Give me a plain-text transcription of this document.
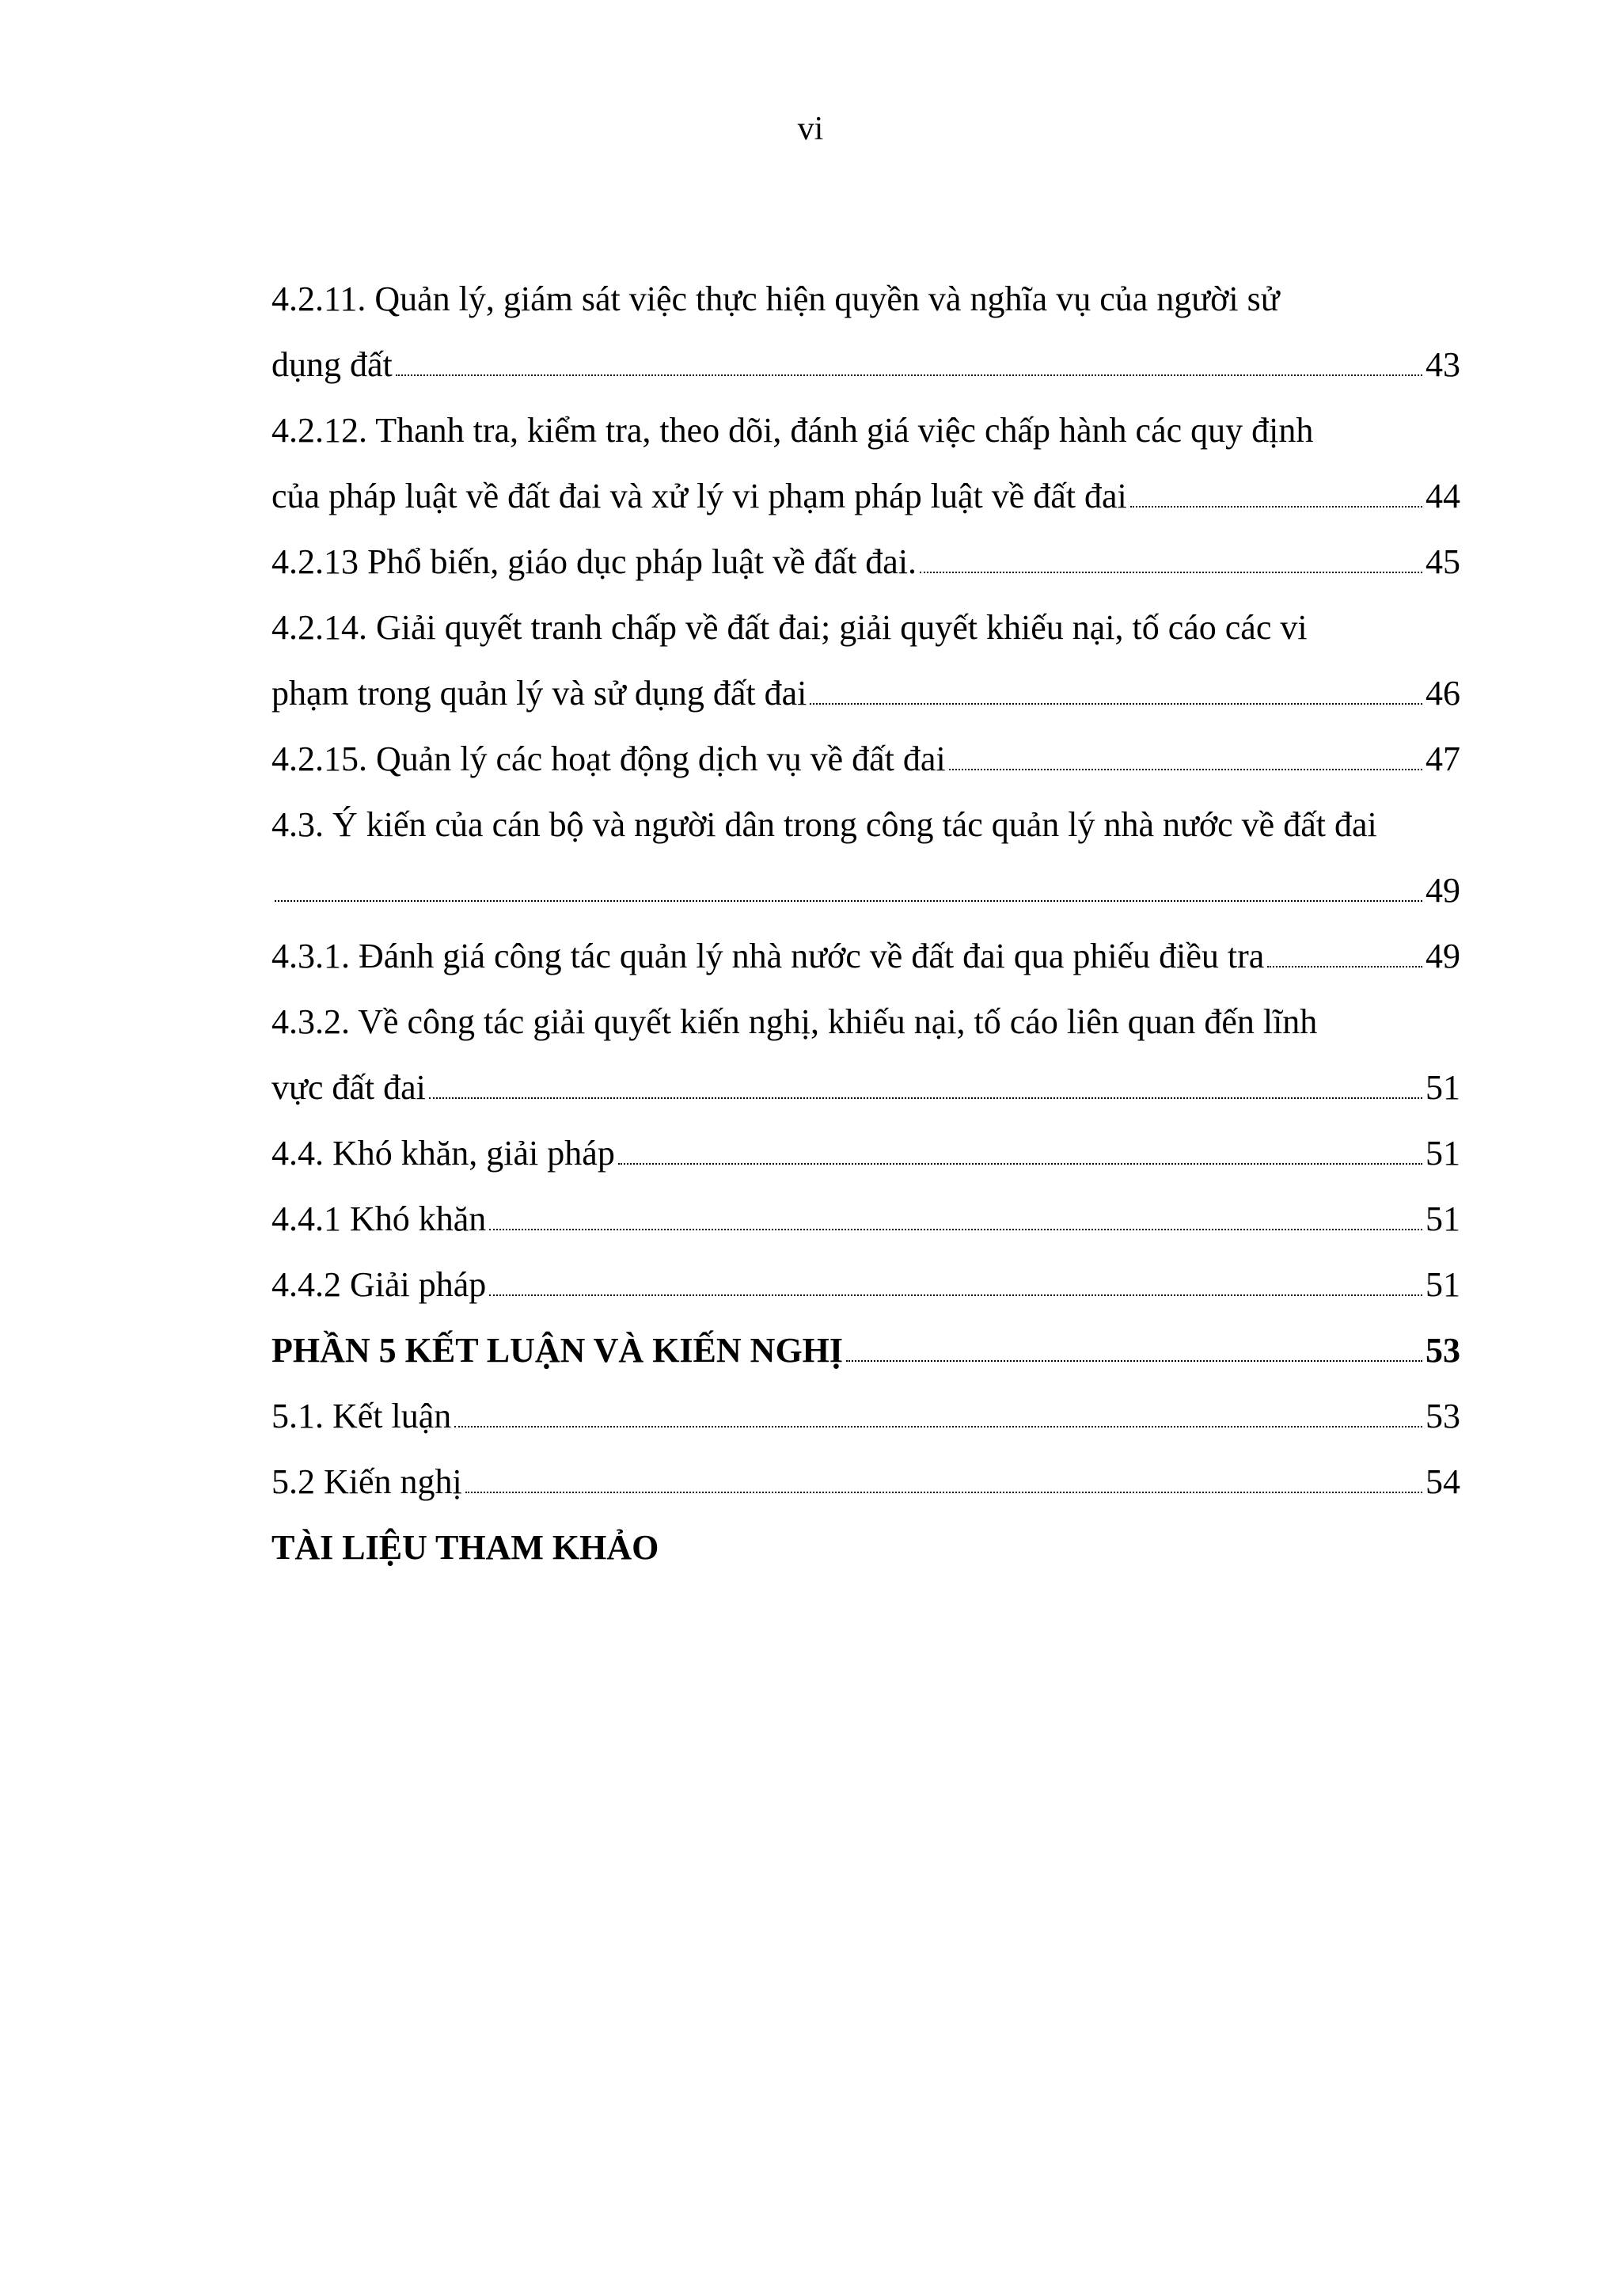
vi
4.2.11. Quản lý, giám sát việc thực hiện quyền và nghĩa vụ của người sử
dụng đất	43
4.2.12. Thanh tra, kiểm tra, theo dõi, đánh giá việc chấp hành các quy định
của pháp luật về đất đai và xử lý vi phạm pháp luật về đất đai	44
4.2.13 Phổ biến, giáo dục pháp luật về đất đai.	45
4.2.14. Giải quyết tranh chấp về đất đai; giải quyết khiếu nại, tố cáo các vi
phạm trong quản lý và sử dụng đất đai	46
4.2.15. Quản lý các hoạt động dịch vụ về đất đai	47
4.3. Ý kiến của cán bộ và người dân trong công tác quản lý nhà nước về đất đai
49
4.3.1. Đánh giá công tác quản lý nhà nước về đất đai qua phiếu điều tra	49
4.3.2. Về công tác giải quyết kiến nghị, khiếu nại, tố cáo liên quan đến lĩnh
vực đất đai	51
4.4. Khó khăn, giải pháp	51
4.4.1 Khó khăn	51
4.4.2 Giải pháp	51
PHẦN 5 KẾT LUẬN VÀ KIẾN NGHỊ	53
5.1. Kết luận	53
5.2 Kiến nghị	54
TÀI LIỆU THAM KHẢO
